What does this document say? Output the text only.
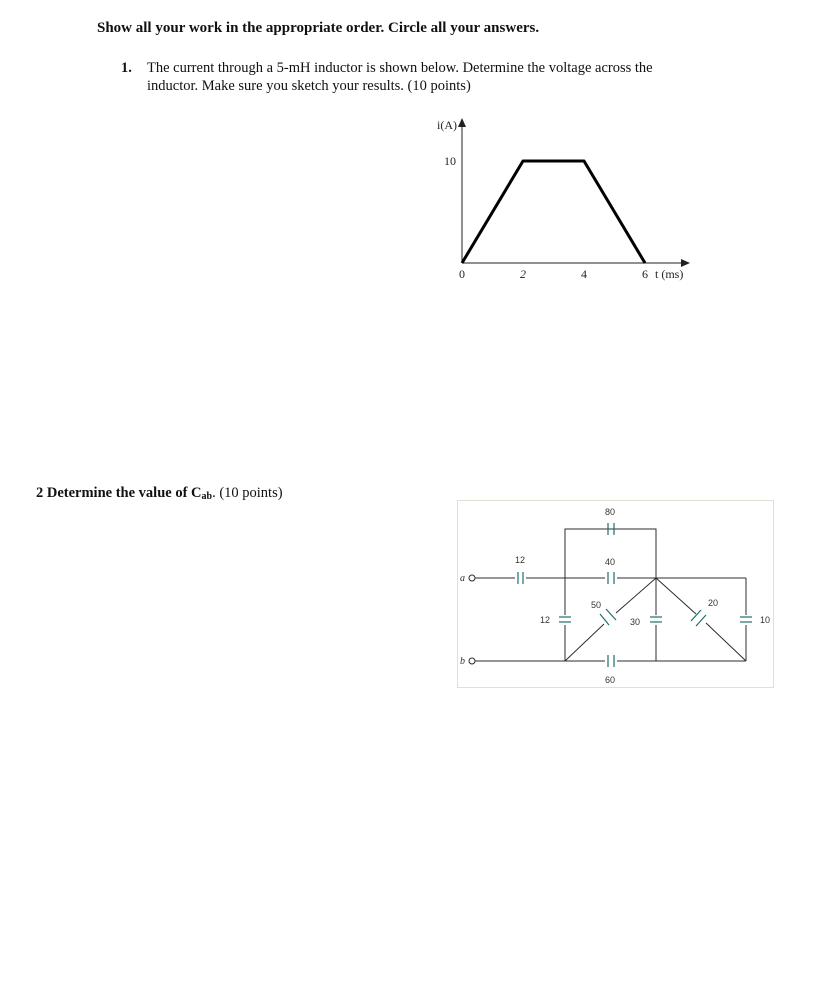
Show all your work in the appropriate order. Circle all your answers.
1. The current through a 5-mH inductor is shown below. Determine the voltage across the inductor. Make sure you sketch your results. (10 points)
i(A)
t (ms)
0	2	4	6
10
2 Determine the value of $C_{ab}$. (10 points)
a
b
80
12	40
12
50
30
20
10
60
